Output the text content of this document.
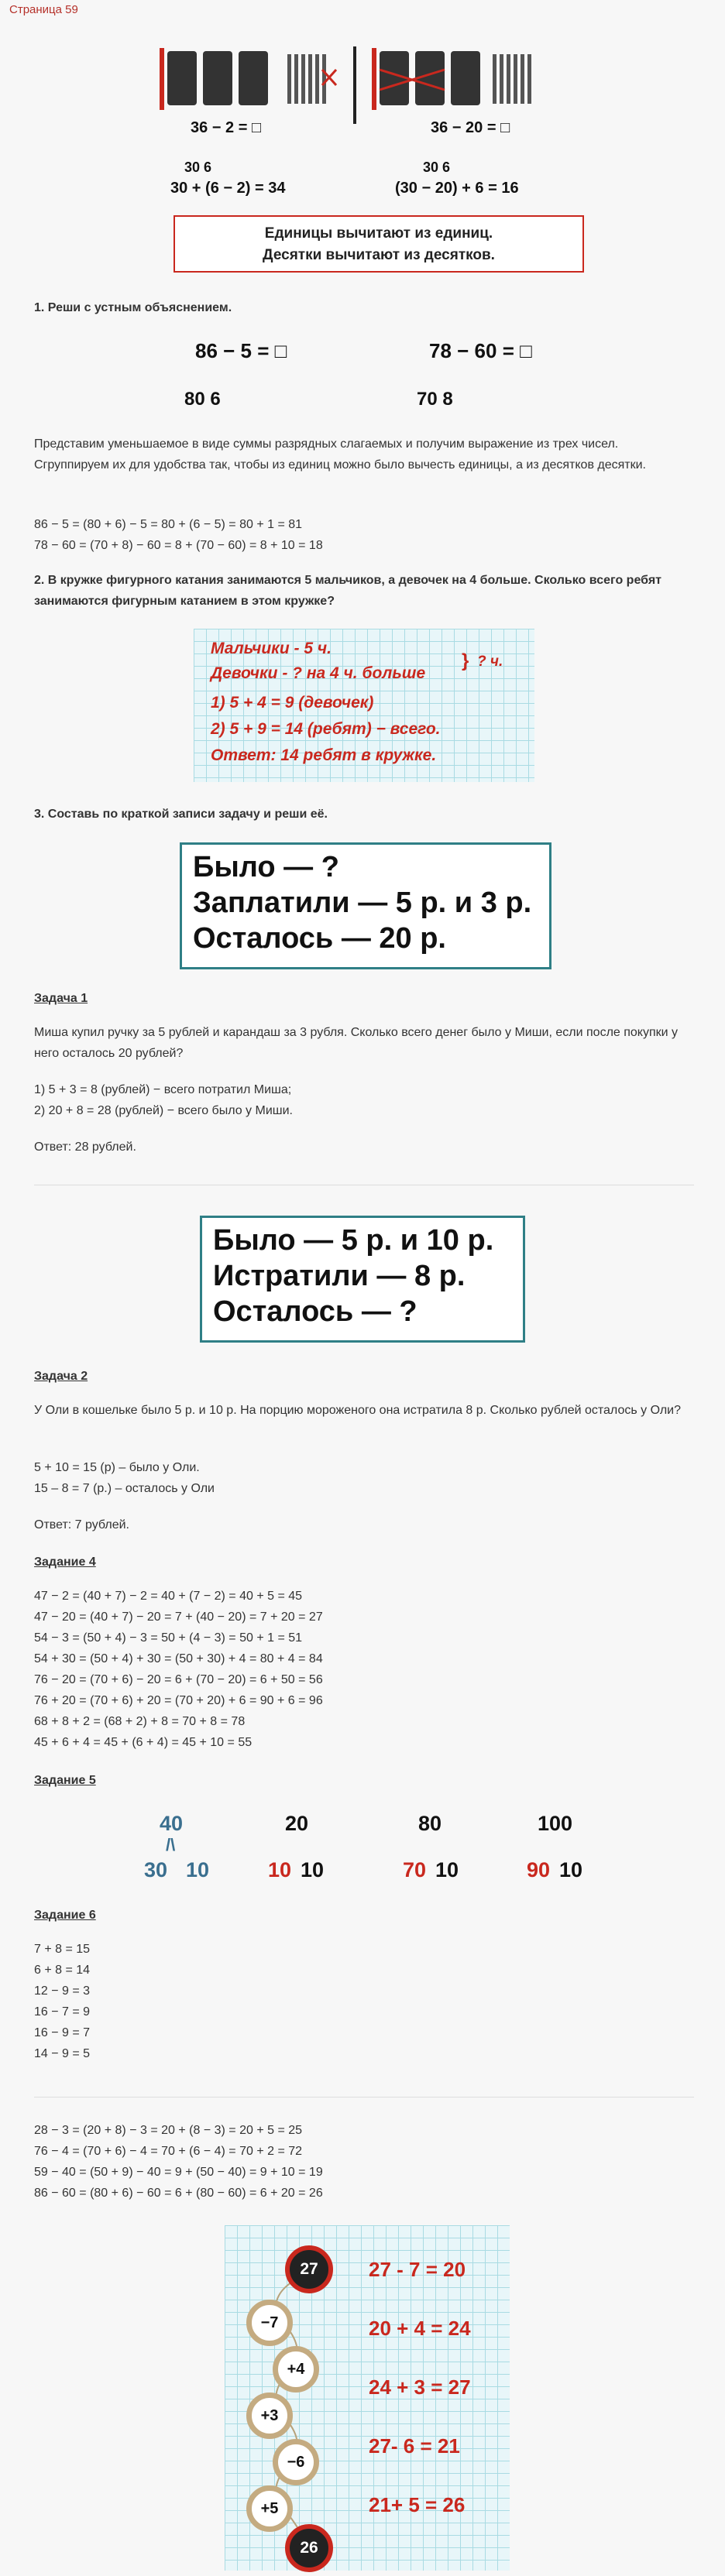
Страница 59
36 − 2 = □
30 6
30 + (6 − 2) = 34
36 − 20 = □
30 6
(30 − 20) + 6 = 16
Единицы вычитают из единиц.
Десятки вычитают из десятков.
1. Реши с устным объяснением.
86 − 5 = □
80 6
78 − 60 = □
70 8
Представим уменьшаемое в виде суммы разрядных слагаемых и получим выражение из трех чисел. Сгруппируем их для удобства так, чтобы из единиц можно было вычесть единицы, а из десятков десятки.
86 − 5 = (80 + 6) − 5 = 80 + (6 − 5) = 80 + 1 = 81
78 − 60 = (70 + 8) − 60 = 8 + (70 − 60) = 8 + 10 = 18
2. В кружке фигурного катания занимаются 5 мальчиков, а девочек на 4 больше. Сколько всего ребят занимаются фигурным катанием в этом кружке?
Мальчики - 5 ч.
Девочки - ? на 4 ч. больше
} ? ч.
1) 5 + 4 = 9 (девочек)
2) 5 + 9 = 14 (ребят) − всего.
Ответ: 14 ребят в кружке.
3. Составь по краткой записи задачу и реши её.
Было — ?
Заплатили — 5 р. и 3 р.
Осталось — 20 р.
Задача 1
Миша купил ручку за 5 рублей и карандаш за 3 рубля. Сколько всего денег было у Миши, если после покупки у него осталось 20 рублей?
1) 5 + 3 = 8 (рублей) − всего потратил Миша;
2) 20 + 8 = 28 (рублей) − всего было у Миши.
Ответ: 28 рублей.
Было — 5 р. и 10 р.
Истратили — 8 р.
Осталось — ?
Задача 2
У Оли в кошельке было 5 р. и 10 р. На порцию мороженого она истратила 8 р. Сколько рублей осталось у Оли?
5 + 10 = 15 (р) – было у Оли.
15 – 8 = 7 (р.) – осталось у Оли
Ответ: 7 рублей.
Задание 4
47 − 2 = (40 + 7) − 2 = 40 + (7 − 2) = 40 + 5 = 45
47 − 20 = (40 + 7) − 20 = 7 + (40 − 20) = 7 + 20 = 27
54 − 3 = (50 + 4) − 3 = 50 + (4 − 3) = 50 + 1 = 51
54 + 30 = (50 + 4) + 30 = (50 + 30) + 4 = 80 + 4 = 84
76 − 20 = (70 + 6) − 20 = 6 + (70 − 20) = 6 + 50 = 56
76 + 20 = (70 + 6) + 20 = (70 + 20) + 6 = 90 + 6 = 96
68 + 8 + 2 = (68 + 2) + 8 = 70 + 8 = 78
45 + 6 + 4 = 45 + (6 + 4) = 45 + 10 = 55
Задание 5
40
/\
30 10
20
10 10
80
70 10
100
90 10
Задание 6
7 + 8 = 15
6 + 8 = 14
12 − 9 = 3
16 − 7 = 9
16 − 9 = 7
14 − 9 = 5
28 − 3 = (20 + 8) − 3 = 20 + (8 − 3) = 20 + 5 = 25
76 − 4 = (70 + 6) − 4 = 70 + (6 − 4) = 70 + 2 = 72
59 − 40 = (50 + 9) − 40 = 9 + (50 − 40) = 9 + 10 = 19
86 − 60 = (80 + 6) − 60 = 6 + (80 − 60) = 6 + 20 = 26
27
−7
+4
+3
−6
+5
26
27 - 7 = 20
20 + 4 = 24
24 + 3 = 27
27- 6 = 21
21+ 5 = 26
